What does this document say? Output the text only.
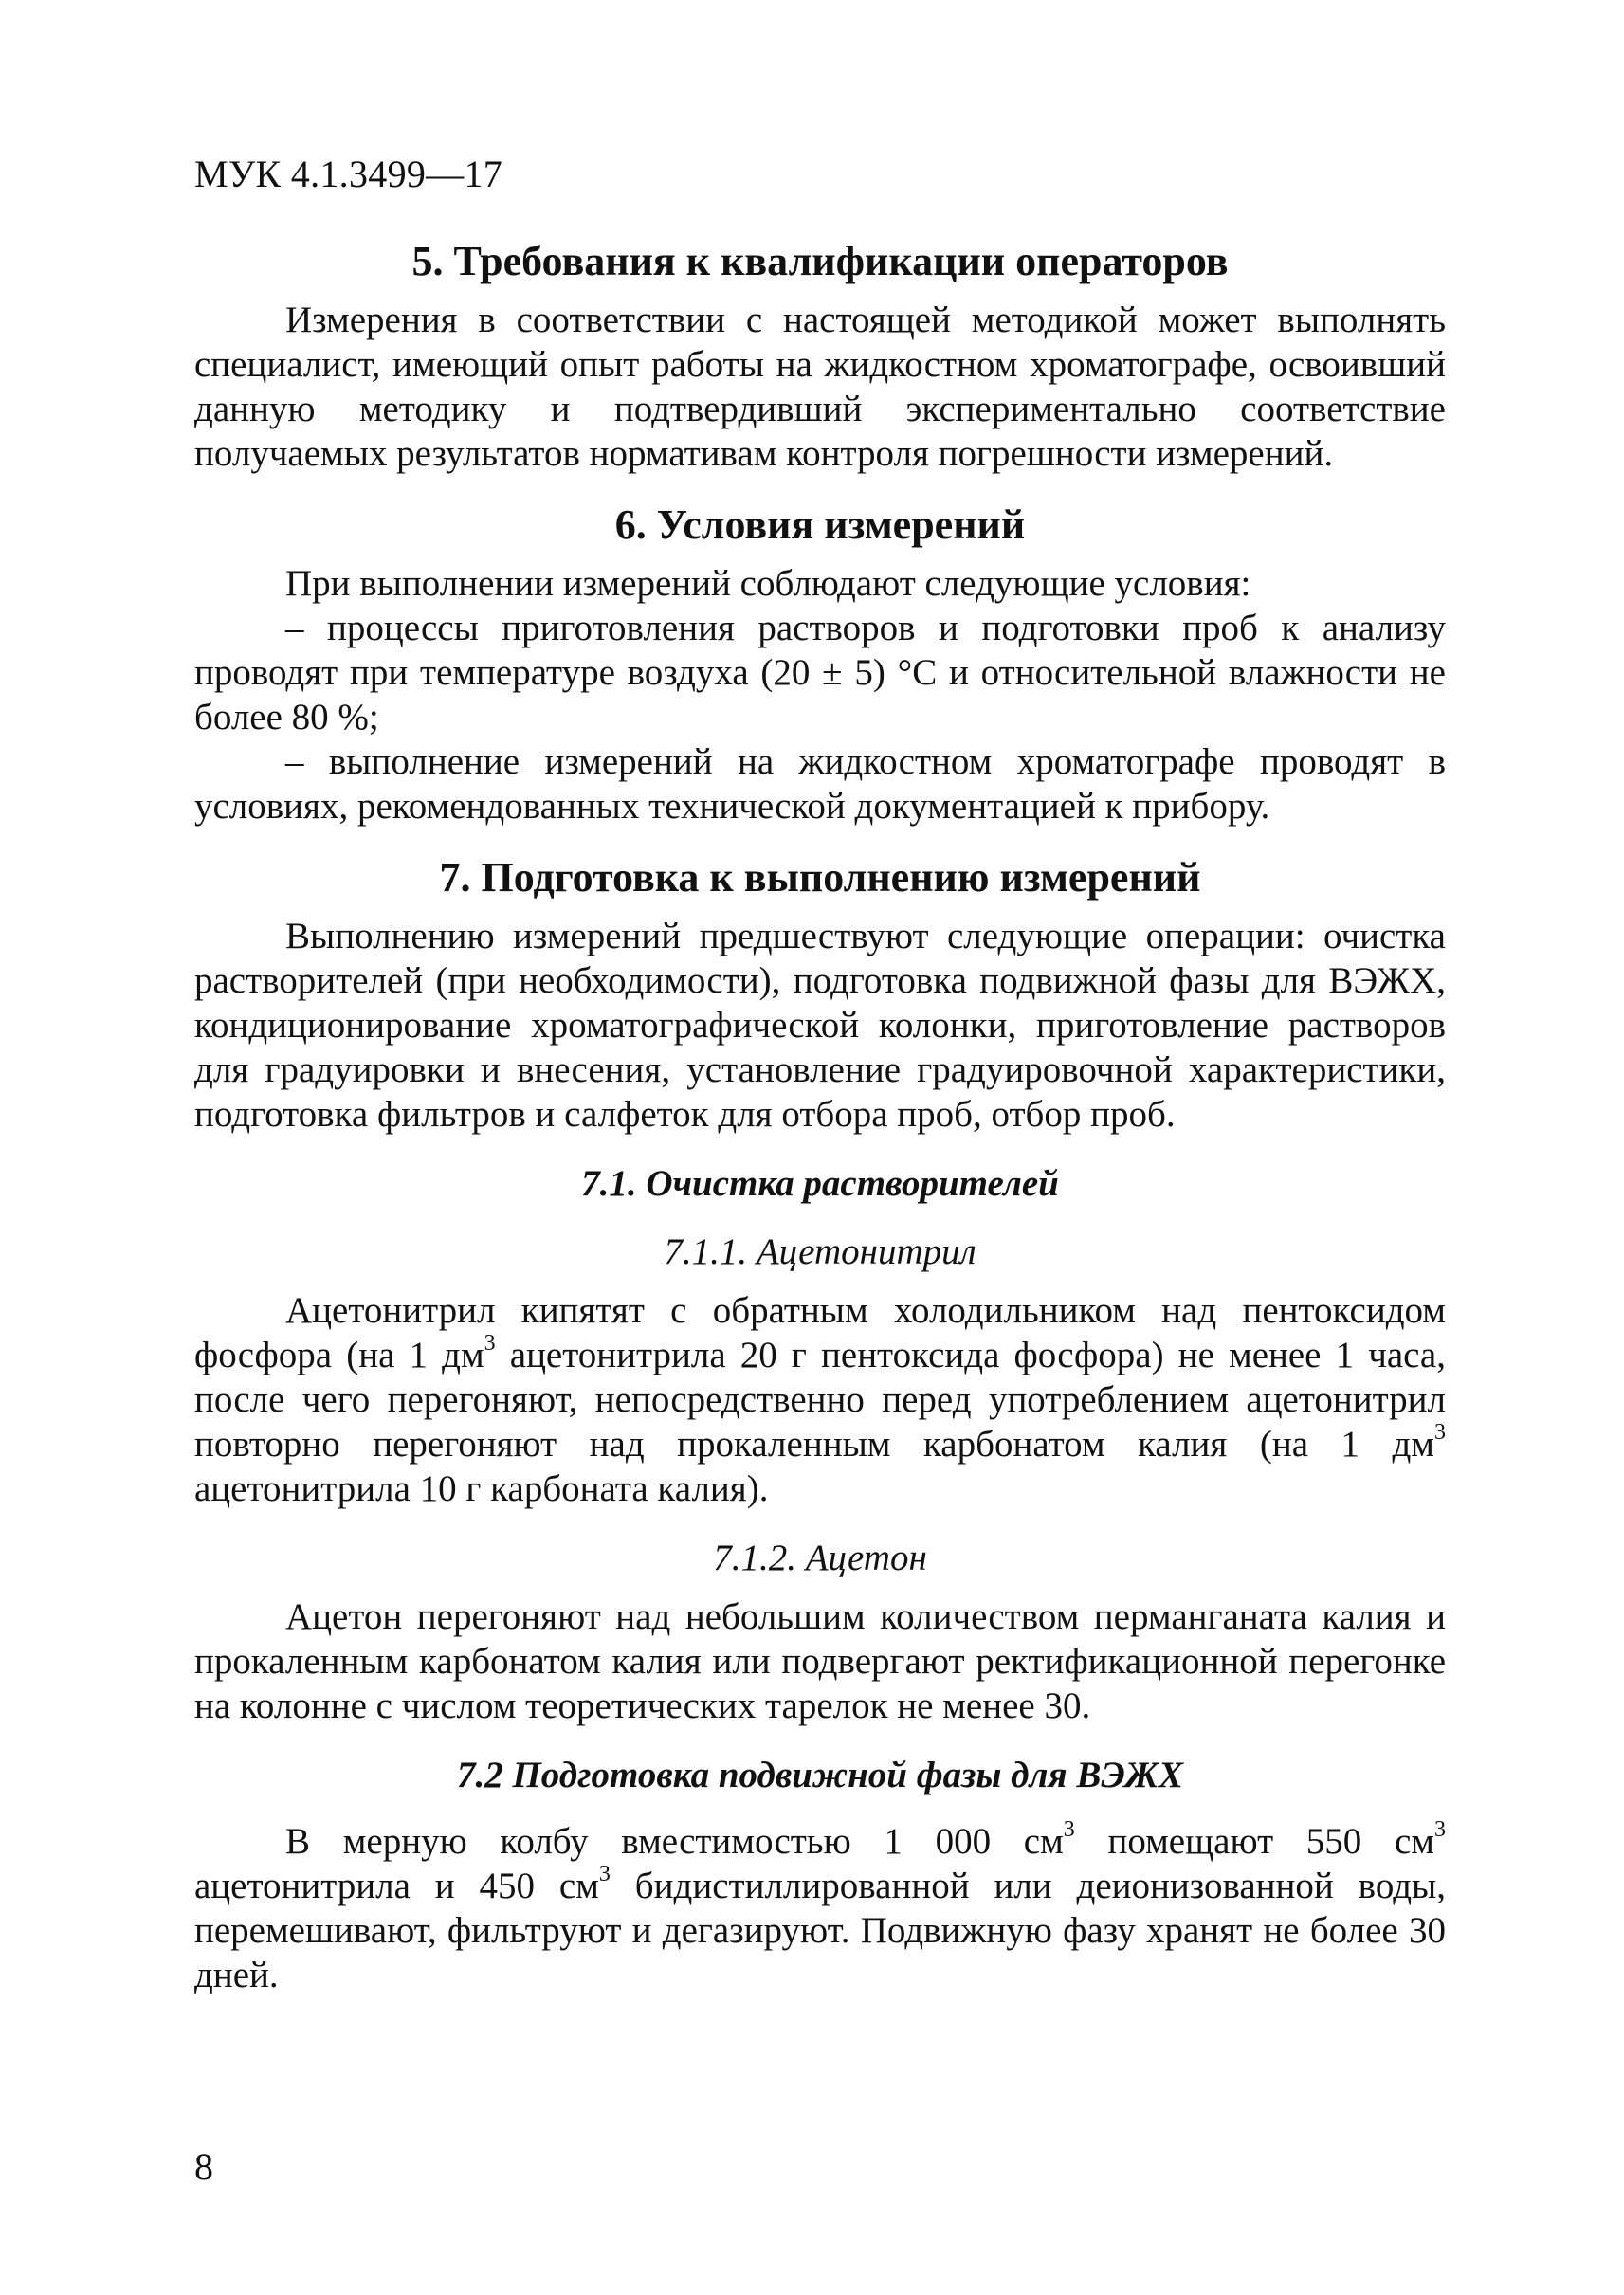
МУК 4.1.3499—17
5. Требования к квалификации операторов

Измерения в соответствии с настоящей методикой может выполнять специалист, имеющий опыт работы на жидкостном хроматографе, освоивший данную методику и подтвердивший экспериментально соответствие получаемых результатов нормативам контроля погрешности измерений.

6. Условия измерений

При выполнении измерений соблюдают следующие условия:

– процессы приготовления растворов и подготовки проб к анализу проводят при температуре воздуха (20 ± 5) °С и относительной влажности не более 80 %;

– выполнение измерений на жидкостном хроматографе проводят в условиях, рекомендованных технической документацией к прибору.

7. Подготовка к выполнению измерений

Выполнению измерений предшествуют следующие операции: очистка растворителей (при необходимости), подготовка подвижной фазы для ВЭЖХ, кондиционирование хроматографической колонки, приготовление растворов для градуировки и внесения, установление градуировочной характеристики, подготовка фильтров и салфеток для отбора проб, отбор проб.

7.1. Очистка растворителей
7.1.1. Ацетонитрил

Ацетонитрил кипятят с обратным холодильником над пентоксидом фосфора (на 1 $дм^3$ ацетонитрила 20 г пентоксида фосфора) не менее 1 часа, после чего перегоняют, непосредственно перед употреблением ацетонитрил повторно перегоняют над прокаленным карбонатом калия (на 1 $дм^3$ ацетонитрила 10 г карбоната калия).

7.1.2. Ацетон

Ацетон перегоняют над небольшим количеством перманганата калия и прокаленным карбонатом калия или подвергают ректификационной перегонке на колонне с числом теоретических тарелок не менее 30.

7.2 Подготовка подвижной фазы для ВЭЖХ

В мерную колбу вместимостью 1 000 $см^3$ помещают 550 $см^3$ ацетонитрила и 450 $см^3$ бидистиллированной или деионизованной воды, перемешивают, фильтруют и дегазируют. Подвижную фазу хранят не более 30 дней.

8
